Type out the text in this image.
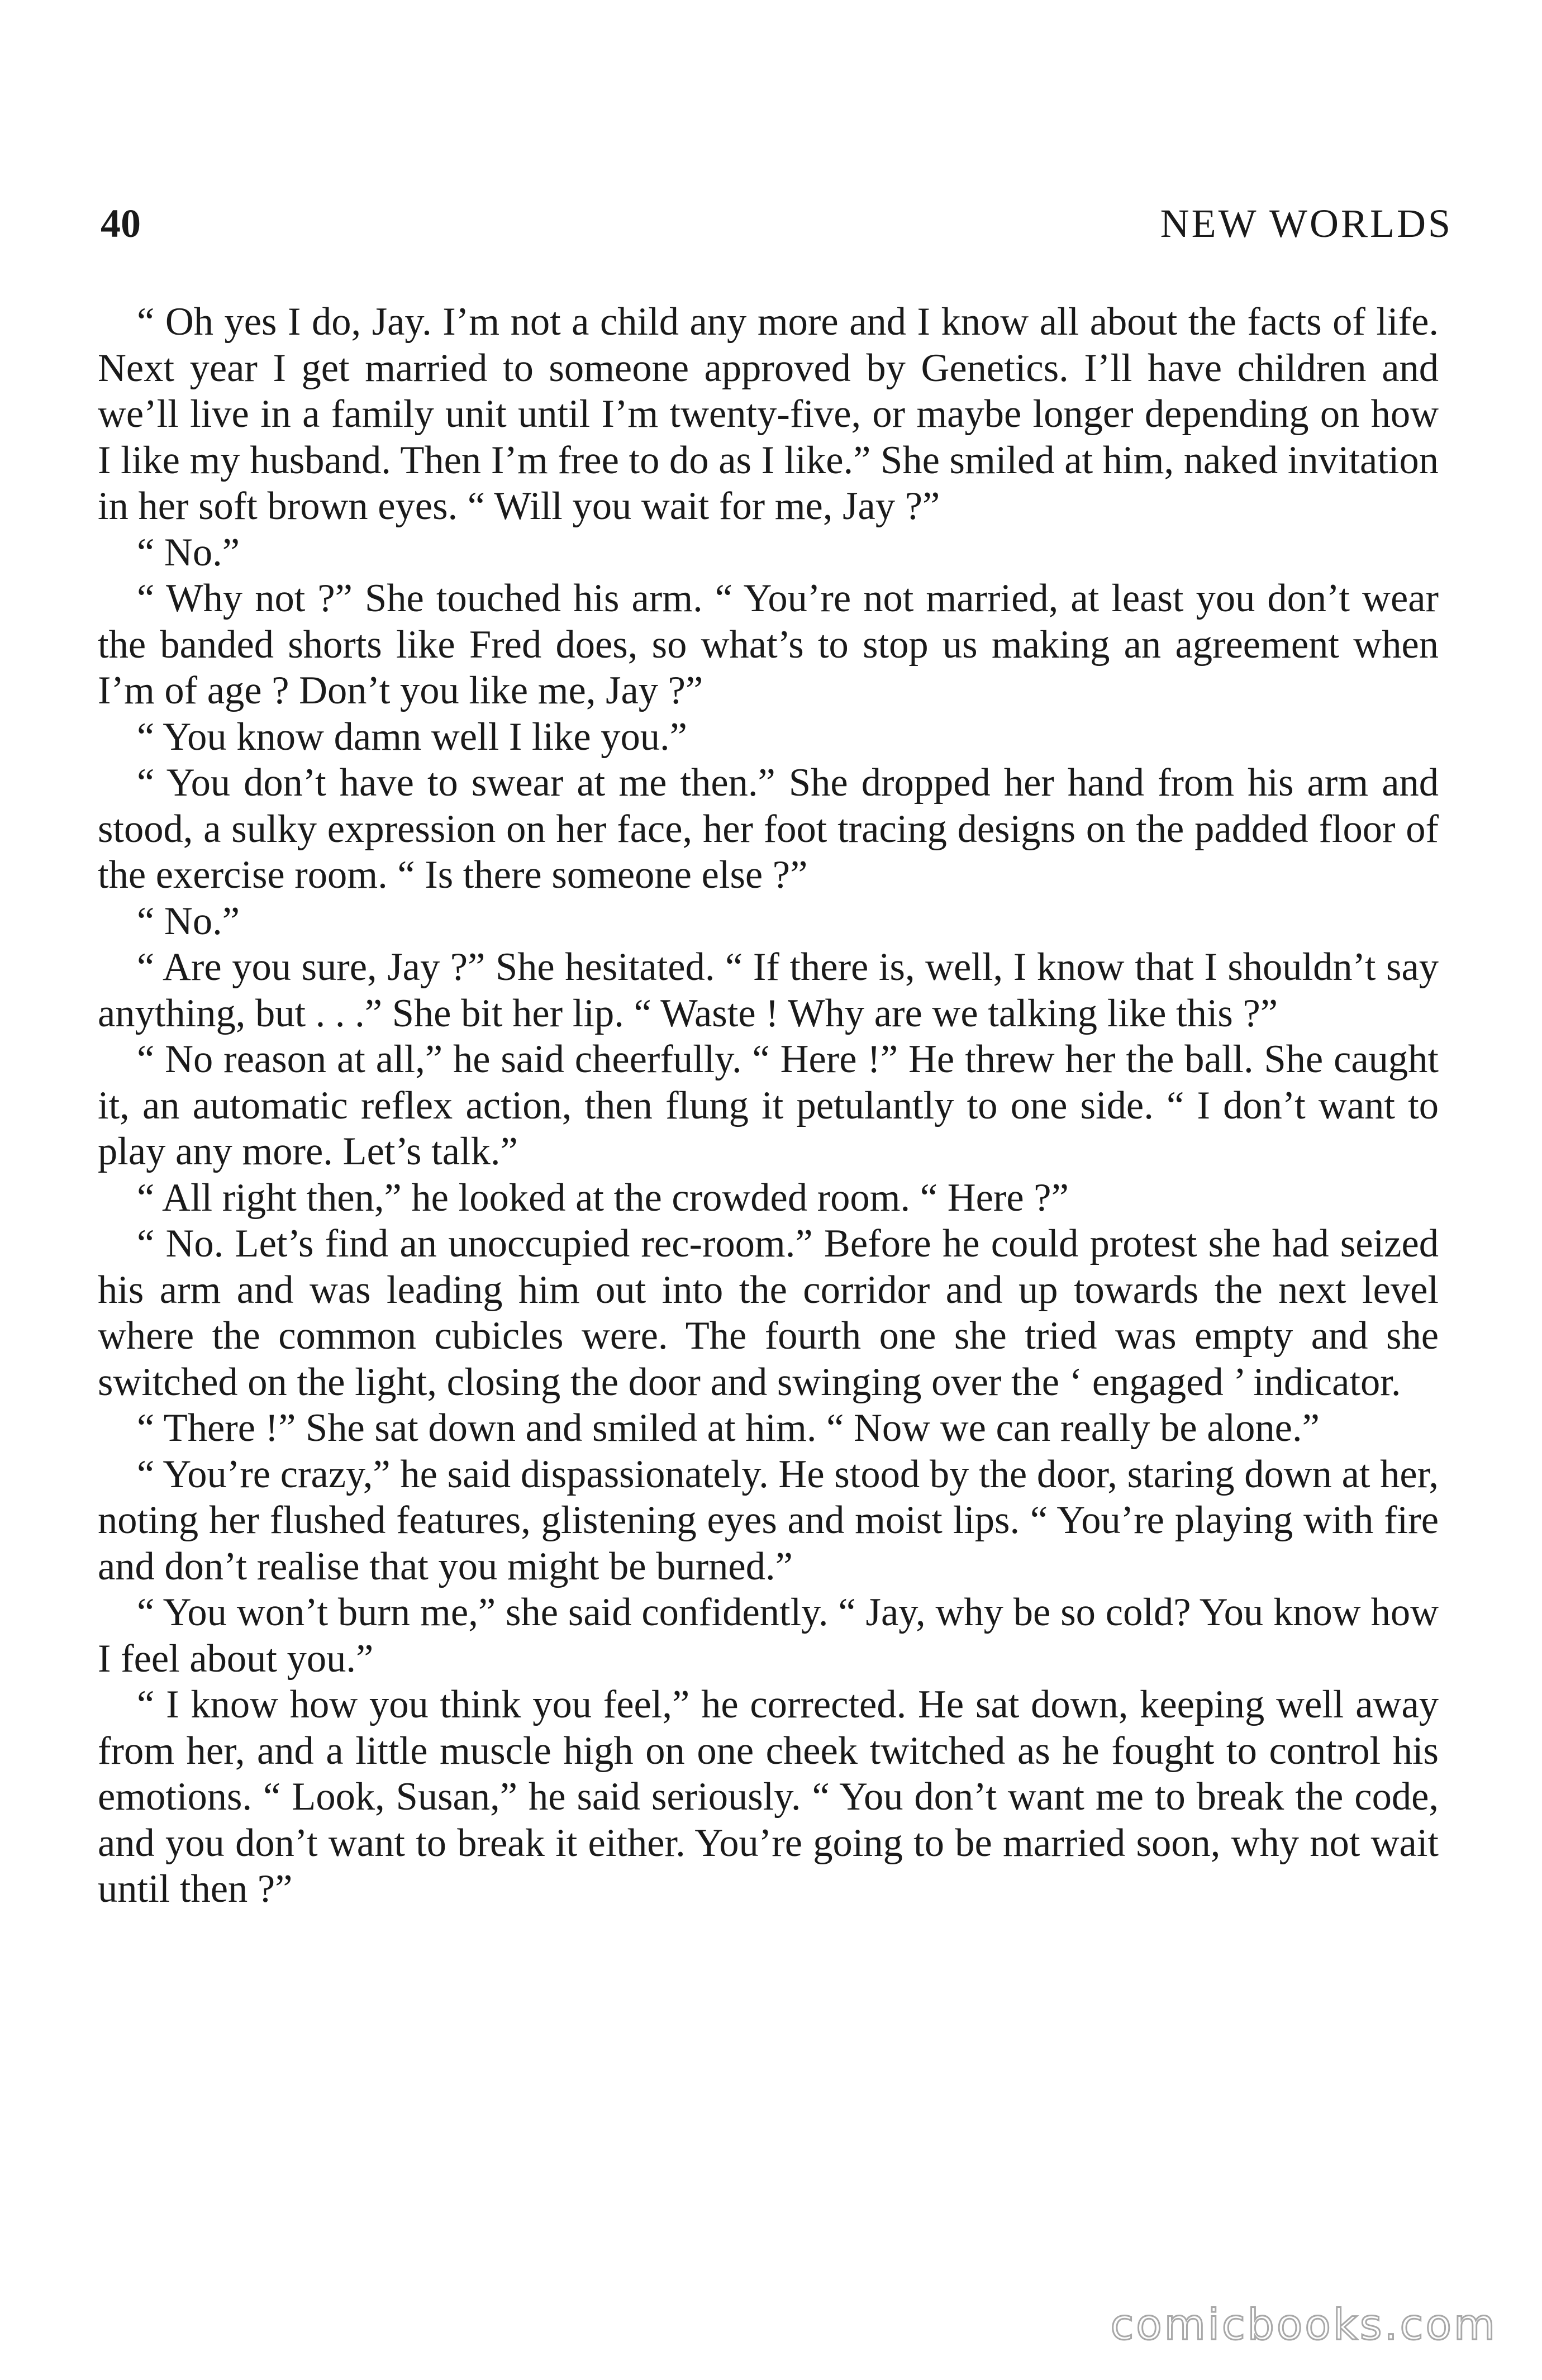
40	NEW WORLDS

“ Oh yes I do, Jay. I’m not a child any more and I know all about the facts of life. Next year I get married to someone approved by Genetics. I’ll have children and we’ll live in a family unit until I’m twenty-five, or maybe longer depending on how I like my husband. Then I’m free to do as I like.” She smiled at him, naked invitation in her soft brown eyes. “ Will you wait for me, Jay ?”

“ No.”

“ Why not ?” She touched his arm. “ You’re not married, at least you don’t wear the banded shorts like Fred does, so what’s to stop us making an agreement when I’m of age ? Don’t you like me, Jay ?”

“ You know damn well I like you.”

“ You don’t have to swear at me then.” She dropped her hand from his arm and stood, a sulky expression on her face, her foot tracing designs on the padded floor of the exercise room. “ Is there someone else ?”

“ No.”

“ Are you sure, Jay ?” She hesitated. “ If there is, well, I know that I shouldn’t say anything, but . . .” She bit her lip. “ Waste ! Why are we talking like this ?”

“ No reason at all,” he said cheerfully. “ Here !” He threw her the ball. She caught it, an automatic reflex action, then flung it petulantly to one side. “ I don’t want to play any more. Let’s talk.”

“ All right then,” he looked at the crowded room. “ Here ?”

“ No. Let’s find an unoccupied rec-room.” Before he could protest she had seized his arm and was leading him out into the corridor and up towards the next level where the common cubicles were. The fourth one she tried was empty and she switched on the light, closing the door and swinging over the ‘ engaged ’ indicator.

“ There !” She sat down and smiled at him. “ Now we can really be alone.”

“ You’re crazy,” he said dispassionately. He stood by the door, staring down at her, noting her flushed features, glistening eyes and moist lips. “ You’re playing with fire and don’t realise that you might be burned.”

“ You won’t burn me,” she said confidently. “ Jay, why be so cold? You know how I feel about you.”

“ I know how you think you feel,” he corrected. He sat down, keeping well away from her, and a little muscle high on one cheek twitched as he fought to control his emotions. “ Look, Susan,” he said seriously. “ You don’t want me to break the code, and you don’t want to break it either. You’re going to be married soon, why not wait until then ?”

comicbooks.com
